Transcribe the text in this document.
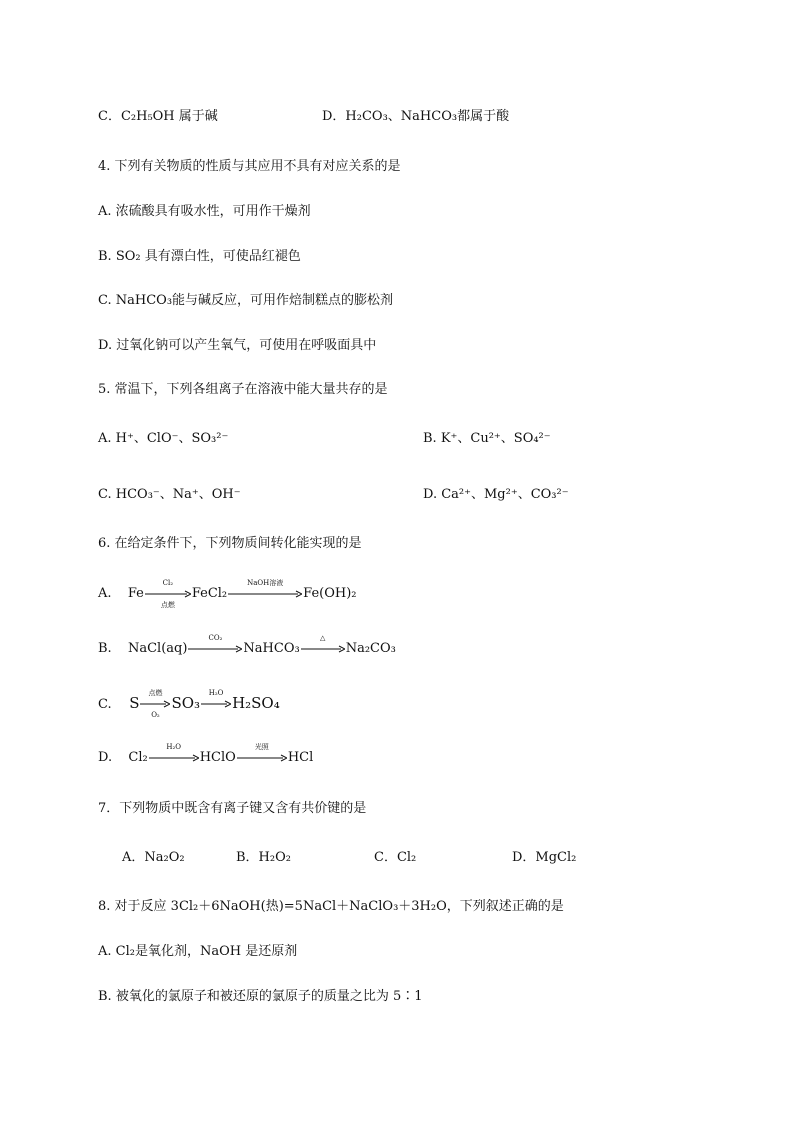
C．C₂H₅OH 属于碱	D．H₂CO₃、NaHCO₃都属于酸
4. 下列有关物质的性质与其应用不具有对应关系的是
A. 浓硫酸具有吸水性，可用作干燥剂
B. SO₂ 具有漂白性，可使品红褪色
C. NaHCO₃能与碱反应，可用作焙制糕点的膨松剂
D. 过氧化钠可以产生氧气，可使用在呼吸面具中
5. 常温下，下列各组离子在溶液中能大量共存的是
A. H⁺、ClO⁻、SO₃²⁻	B. K⁺、Cu²⁺、SO₄²⁻
C. HCO₃⁻、Na⁺、OH⁻	D. Ca²⁺、Mg²⁺、CO₃²⁻
6. 在给定条件下，下列物质间转化能实现的是
A. Fe
Cl₂
点燃
FeCl₂
NaOH溶液
Fe(OH)₂
B. NaCl(aq)
CO₂
NaHCO₃
△
Na₂CO₃
C. S
点燃
O₂
SO₃
H₂O
H₂SO₄
D. Cl₂
H₂O
HClO
光照
HCl
7．下列物质中既含有离子键又含有共价键的是
A．Na₂O₂	B．H₂O₂	C．Cl₂	D．MgCl₂
8. 对于反应 3Cl₂＋6NaOH(热)=5NaCl＋NaClO₃＋3H₂O，下列叙述正确的是
A. Cl₂是氧化剂，NaOH 是还原剂
B. 被氧化的氯原子和被还原的氯原子的质量之比为 5∶1
